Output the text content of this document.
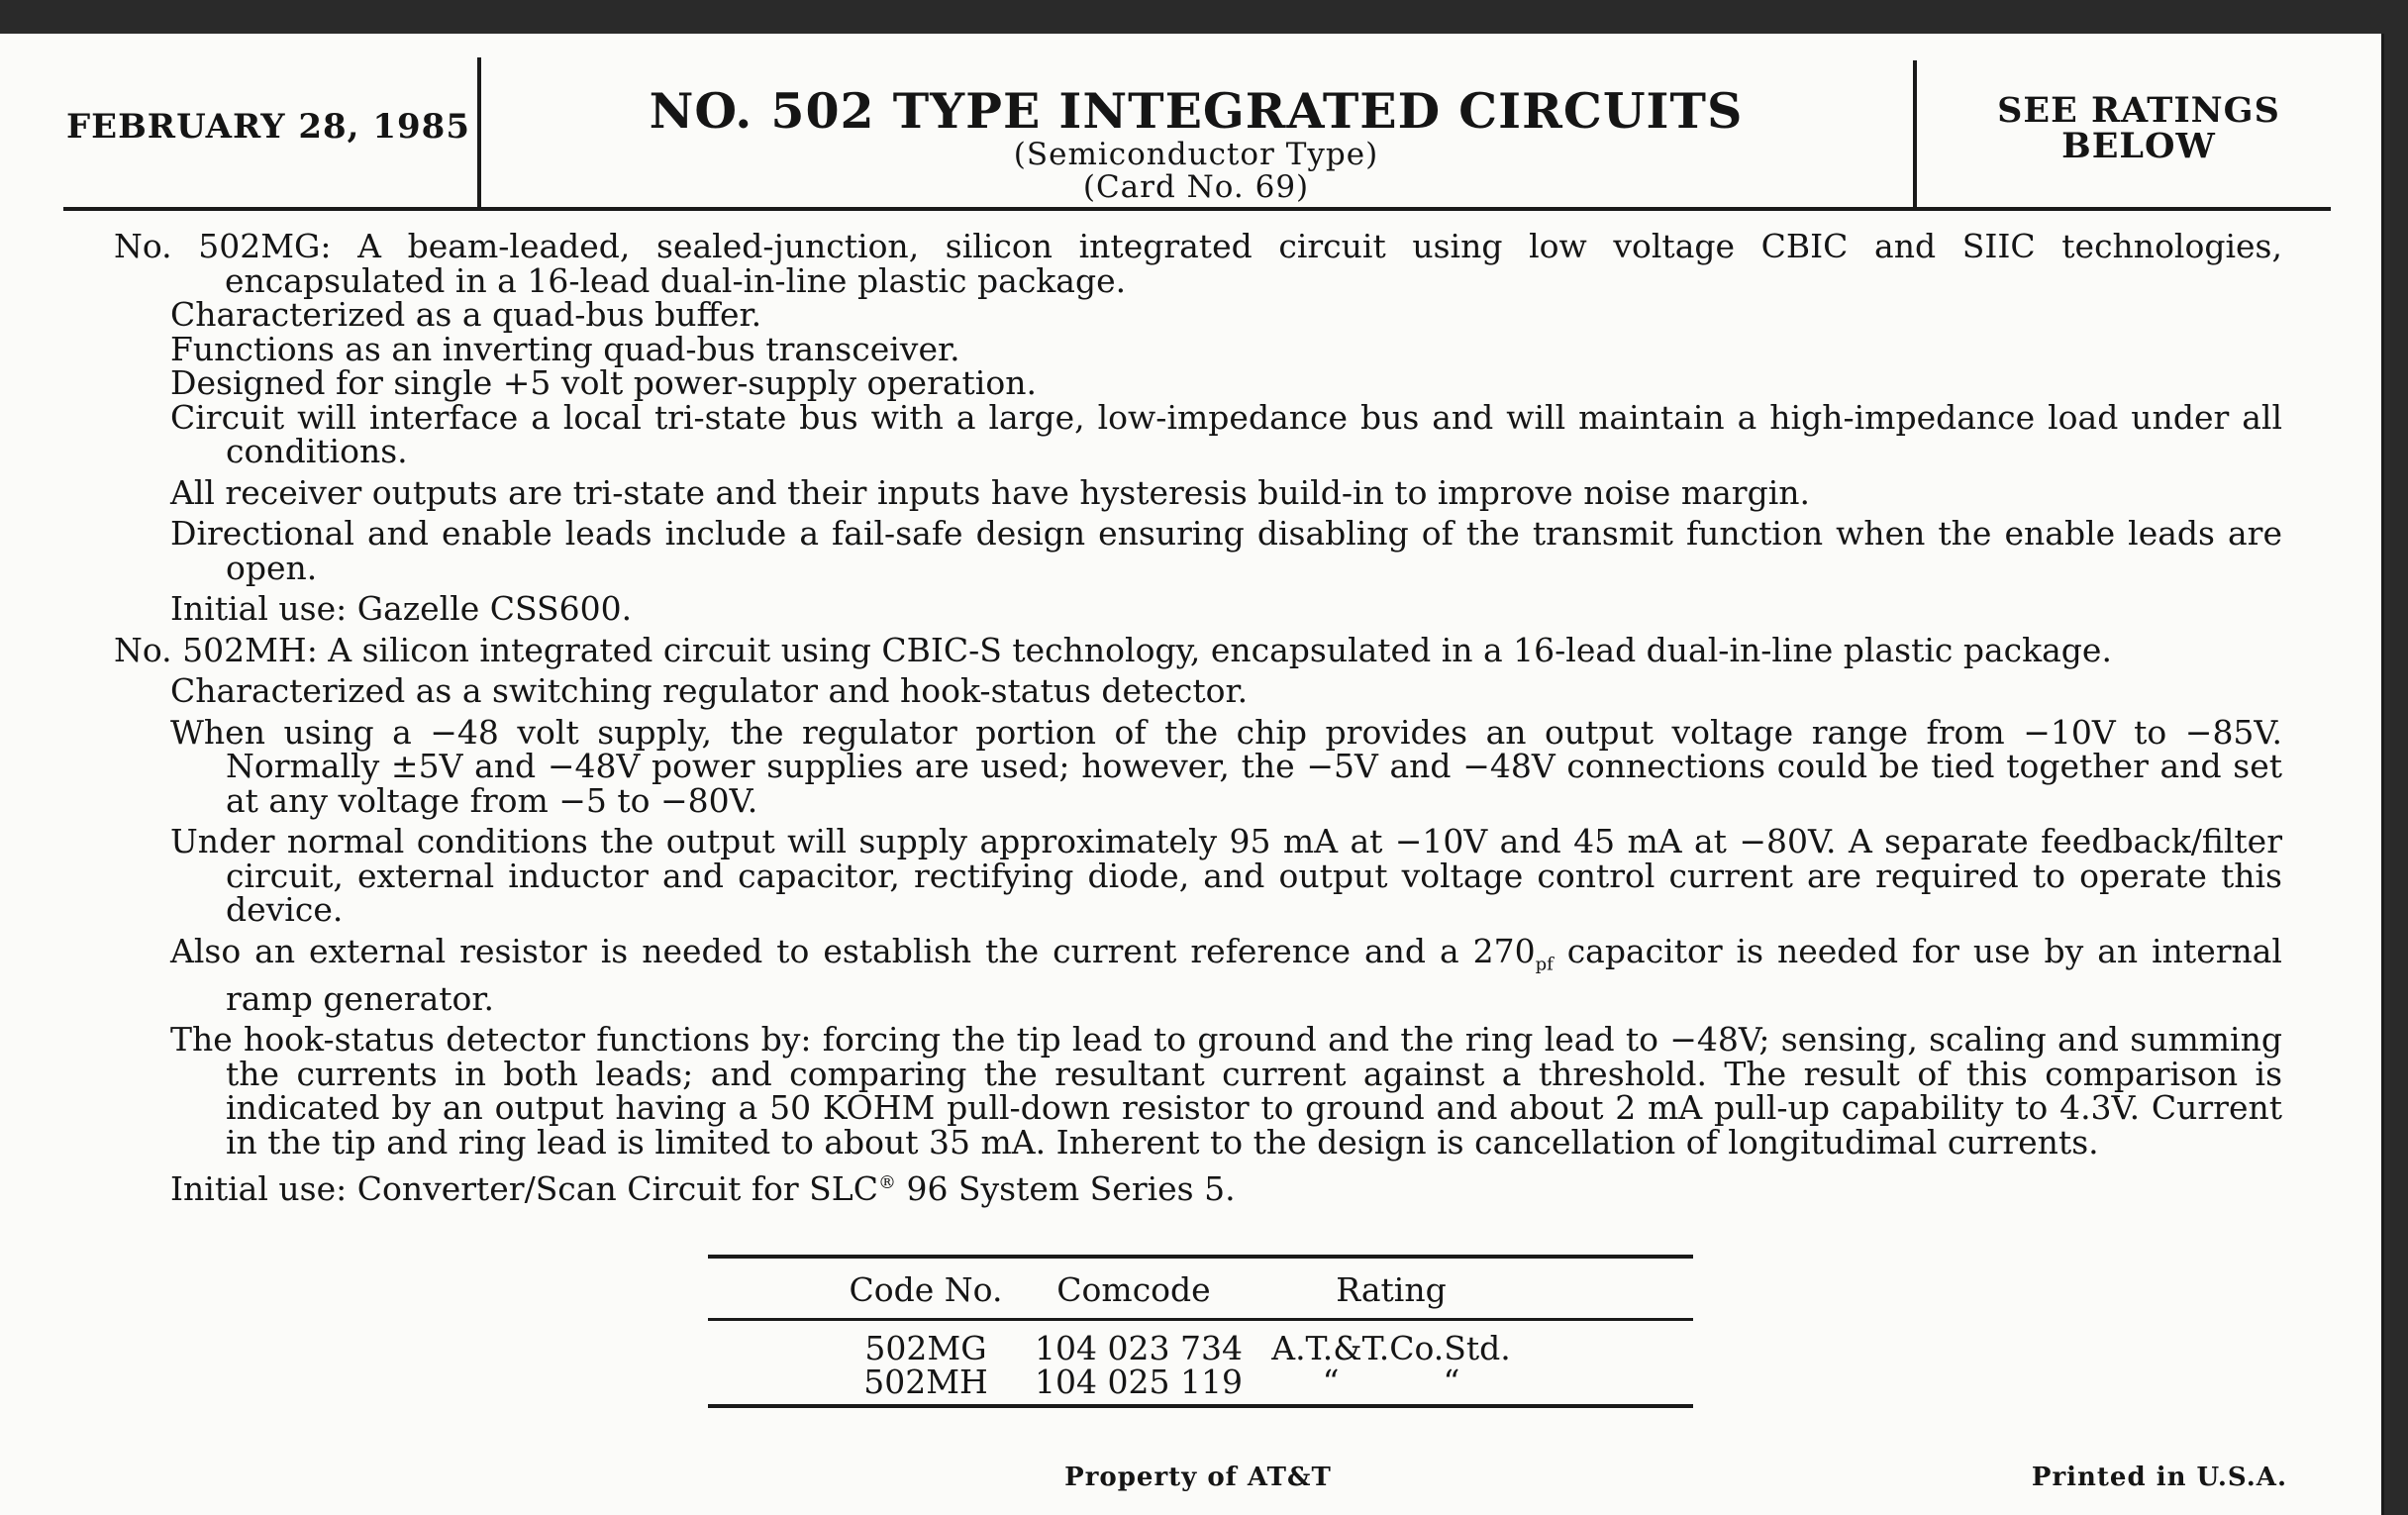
FEBRUARY 28, 1985	NO. 502 TYPE INTEGRATED CIRCUITS
(Semiconductor Type)
(Card No. 69)
SEE RATINGS
BELOW
No. 502MG: A beam-leaded, sealed-junction, silicon integrated circuit using low voltage CBIC and SIIC technologies, encapsulated in a 16-lead dual-in-line plastic package.
Characterized as a quad-bus buffer.
Functions as an inverting quad-bus transceiver.
Designed for single +5 volt power-supply operation.
Circuit will interface a local tri-state bus with a large, low-impedance bus and will maintain a high-impedance load under all conditions.
All receiver outputs are tri-state and their inputs have hysteresis build-in to improve noise margin.
Directional and enable leads include a fail-safe design ensuring disabling of the transmit function when the enable leads are open.
Initial use: Gazelle CSS600.
No. 502MH: A silicon integrated circuit using CBIC-S technology, encapsulated in a 16-lead dual-in-line plastic package.
Characterized as a switching regulator and hook-status detector.
When using a −48 volt supply, the regulator portion of the chip provides an output voltage range from −10V to −85V. Normally ±5V and −48V power supplies are used; however, the −5V and −48V connections could be tied together and set at any voltage from −5 to −80V.
Under normal conditions the output will supply approximately 95 mA at −10V and 45 mA at −80V. A separate feedback/filter circuit, external inductor and capacitor, rectifying diode, and output voltage control current are required to operate this device.
Also an external resistor is needed to establish the current reference and a $270_{pf}$ capacitor is needed for use by an internal ramp generator.
The hook-status detector functions by: forcing the tip lead to ground and the ring lead to −48V; sensing, scaling and summing the currents in both leads; and comparing the resultant current against a threshold. The result of this comparison is indicated by an output having a 50 KOHM pull-down resistor to ground and about 2 mA pull-up capability to 4.3V. Current in the tip and ring lead is limited to about 35 mA. Inherent to the design is cancellation of longitudimal currents.
Initial use: Converter/Scan Circuit for SLC® 96 System Series 5.
Code No.	Comcode	Rating
502MG	104 023 734 A.T.&T.Co.Std.
502MH	104 025 119	“          “
Property of AT&T	Printed in U.S.A.
